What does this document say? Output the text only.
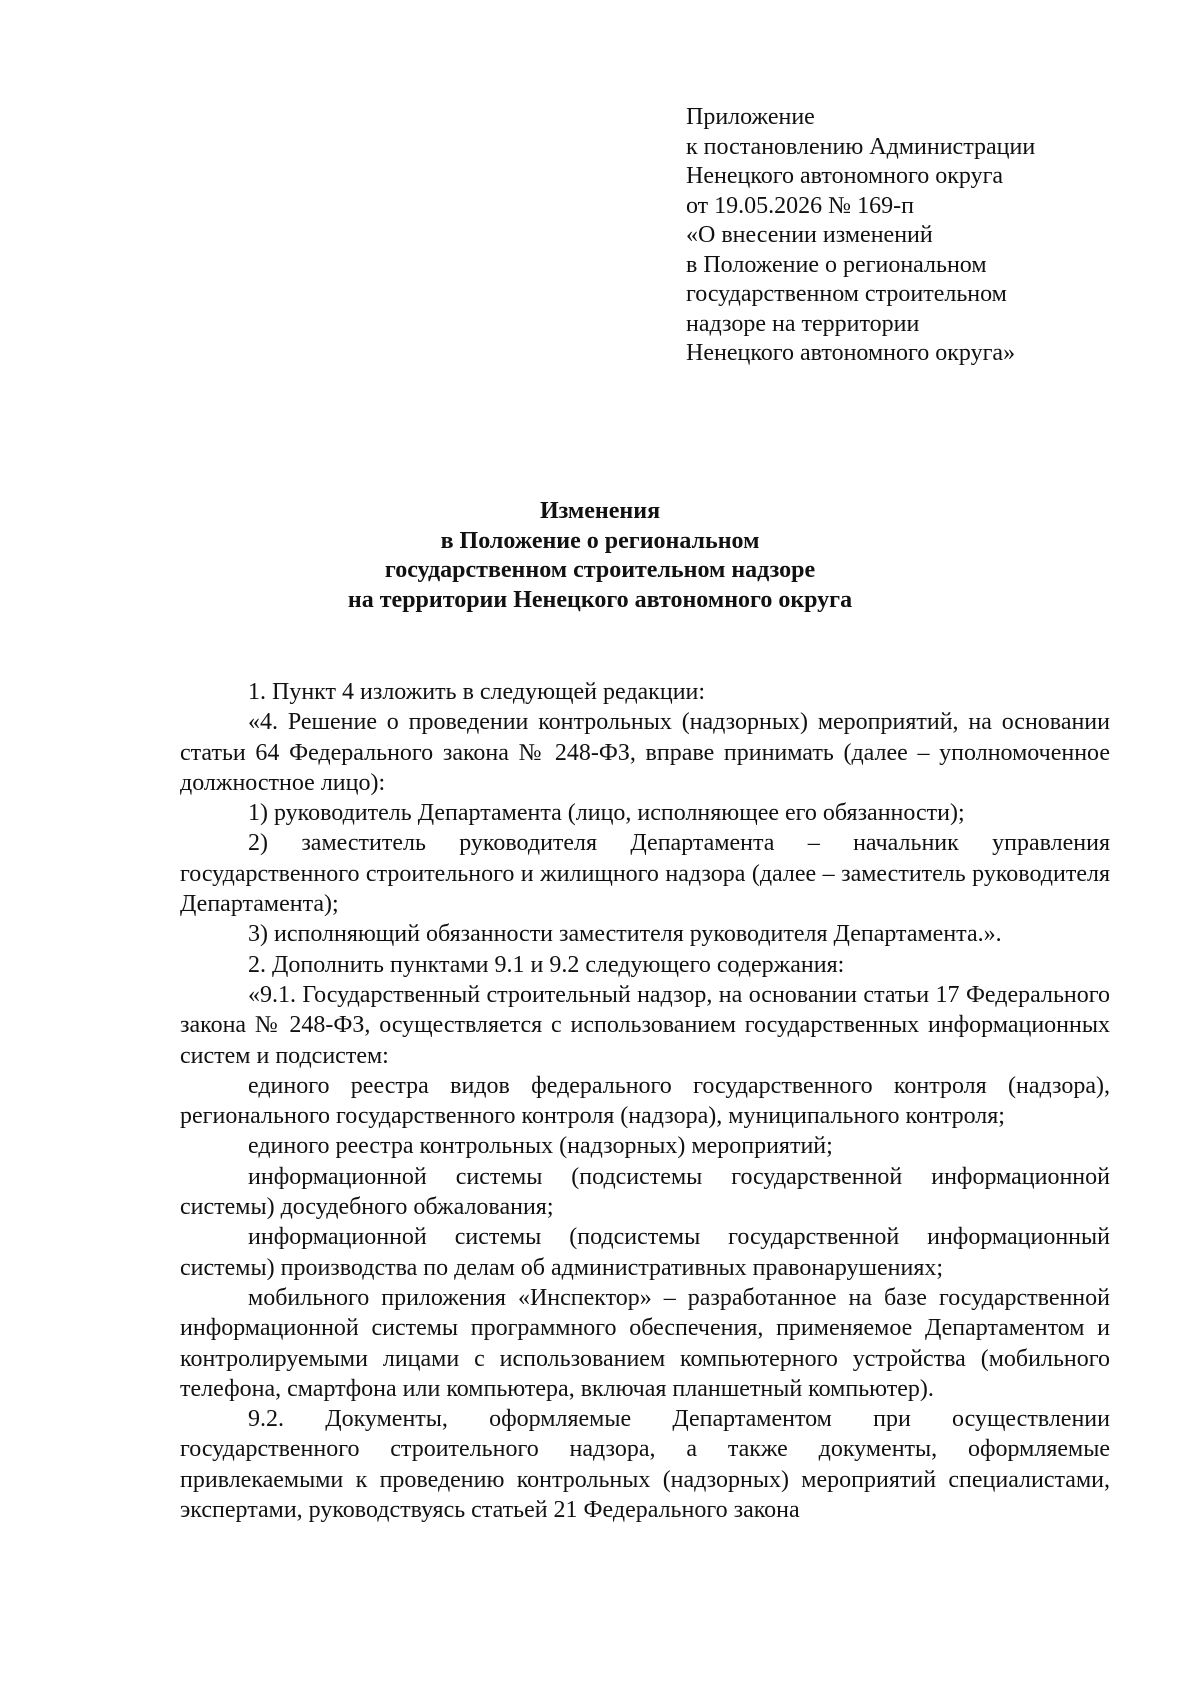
Приложение
к постановлению Администрации
Ненецкого автономного округа
от 19.05.2026 № 169-п
«О внесении изменений
в Положение о региональном
государственном строительном
надзоре на территории
Ненецкого автономного округа»
Изменения
в Положение о региональном
государственном строительном надзоре
на территории Ненецкого автономного округа

1. Пункт 4 изложить в следующей редакции:

«4. Решение о проведении контрольных (надзорных) мероприятий, на основании статьи 64 Федерального закона № 248-ФЗ, вправе принимать (далее – уполномоченное должностное лицо):

1) руководитель Департамента (лицо, исполняющее его обязанности);

2) заместитель руководителя Департамента – начальник управления государственного строительного и жилищного надзора (далее – заместитель руководителя Департамента);

3) исполняющий обязанности заместителя руководителя Департамента.».

2. Дополнить пунктами 9.1 и 9.2 следующего содержания:

«9.1. Государственный строительный надзор, на основании статьи 17 Федерального закона № 248-ФЗ, осуществляется с использованием государственных информационных систем и подсистем:

единого реестра видов федерального государственного контроля (надзора), регионального государственного контроля (надзора), муниципального контроля;

единого реестра контрольных (надзорных) мероприятий;

информационной системы (подсистемы государственной информационной системы) досудебного обжалования;

информационной системы (подсистемы государственной информационный системы) производства по делам об административных правонарушениях;

мобильного приложения «Инспектор» – разработанное на базе государственной информационной системы программного обеспечения, применяемое Департаментом и контролируемыми лицами с использованием компьютерного устройства (мобильного телефона, смартфона или компьютера, включая планшетный компьютер).

9.2. Документы, оформляемые Департаментом при осуществлении государственного строительного надзора, а также документы, оформляемые привлекаемыми к проведению контрольных (надзорных) мероприятий специалистами, экспертами, руководствуясь статьей 21 Федерального закона
